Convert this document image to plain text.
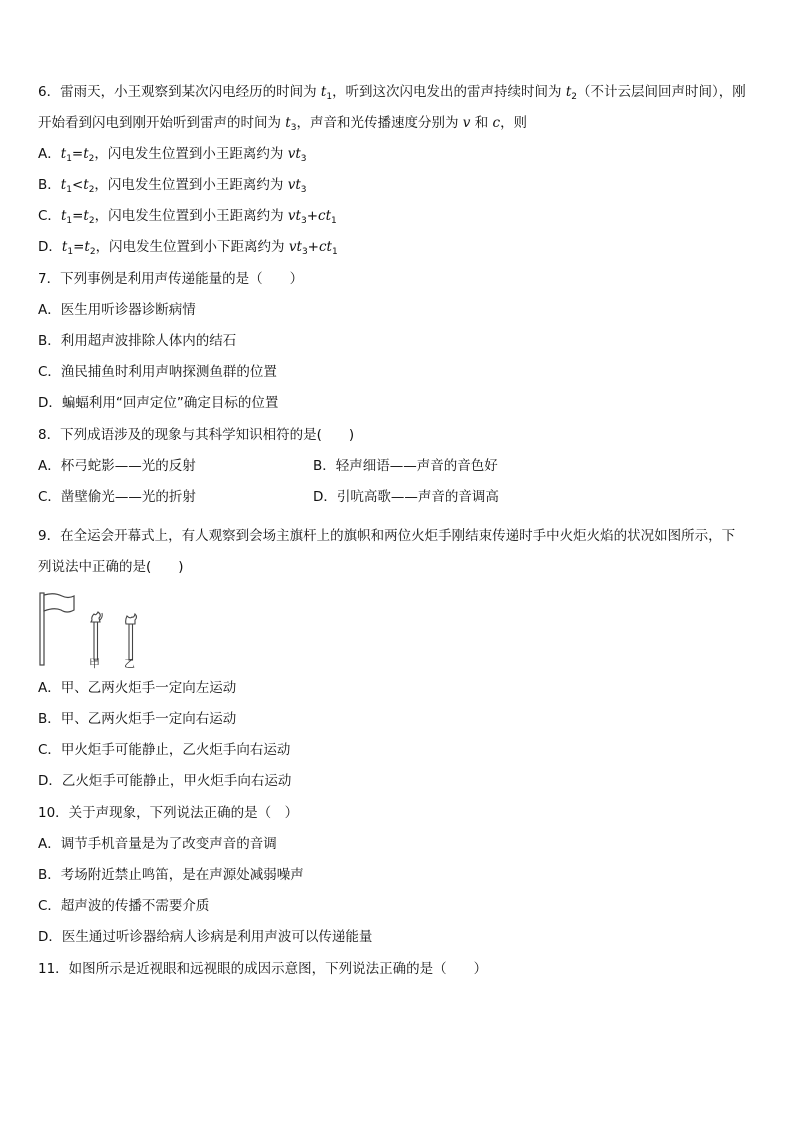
6．雷雨天，小王观察到某次闪电经历的时间为 $t_1$，听到这次闪电发出的雷声持续时间为 $t_2$（不计云层间回声时间），刚
开始看到闪电到刚开始听到雷声的时间为 $t_3$，声音和光传播速度分别为 v 和 c，则
A．$t_1=t_2$，闪电发生位置到小王距离约为 $vt_3$
B．$t_1<t_2$，闪电发生位置到小王距离约为 $vt_3$
C．$t_1=t_2$，闪电发生位置到小王距离约为 $vt_3+ct_1$
D．$t_1=t_2$，闪电发生位置到小下距离约为 $vt_3+ct_1$
7．下列事例是利用声传递能量的是（　　）
A．医生用听诊器诊断病情
B．利用超声波排除人体内的结石
C．渔民捕鱼时利用声呐探测鱼群的位置
D．蝙蝠利用“回声定位”确定目标的位置
8．下列成语涉及的现象与其科学知识相符的是(　　)
A．杯弓蛇影——光的反射	B．轻声细语——声音的音色好
C．凿壁偷光——光的折射	D．引吭高歌——声音的音调高
9．在全运会开幕式上，有人观察到会场主旗杆上的旗帜和两位火炬手刚结束传递时手中火炬火焰的状况如图所示，下
列说法中正确的是(　　)
甲 乙
A．甲、乙两火炬手一定向左运动
B．甲、乙两火炬手一定向右运动
C．甲火炬手可能静止，乙火炬手向右运动
D．乙火炬手可能静止，甲火炬手向右运动
10．关于声现象，下列说法正确的是（　）
A．调节手机音量是为了改变声音的音调
B．考场附近禁止鸣笛，是在声源处减弱噪声
C．超声波的传播不需要介质
D．医生通过听诊器给病人诊病是利用声波可以传递能量
11．如图所示是近视眼和远视眼的成因示意图，下列说法正确的是（　　）
